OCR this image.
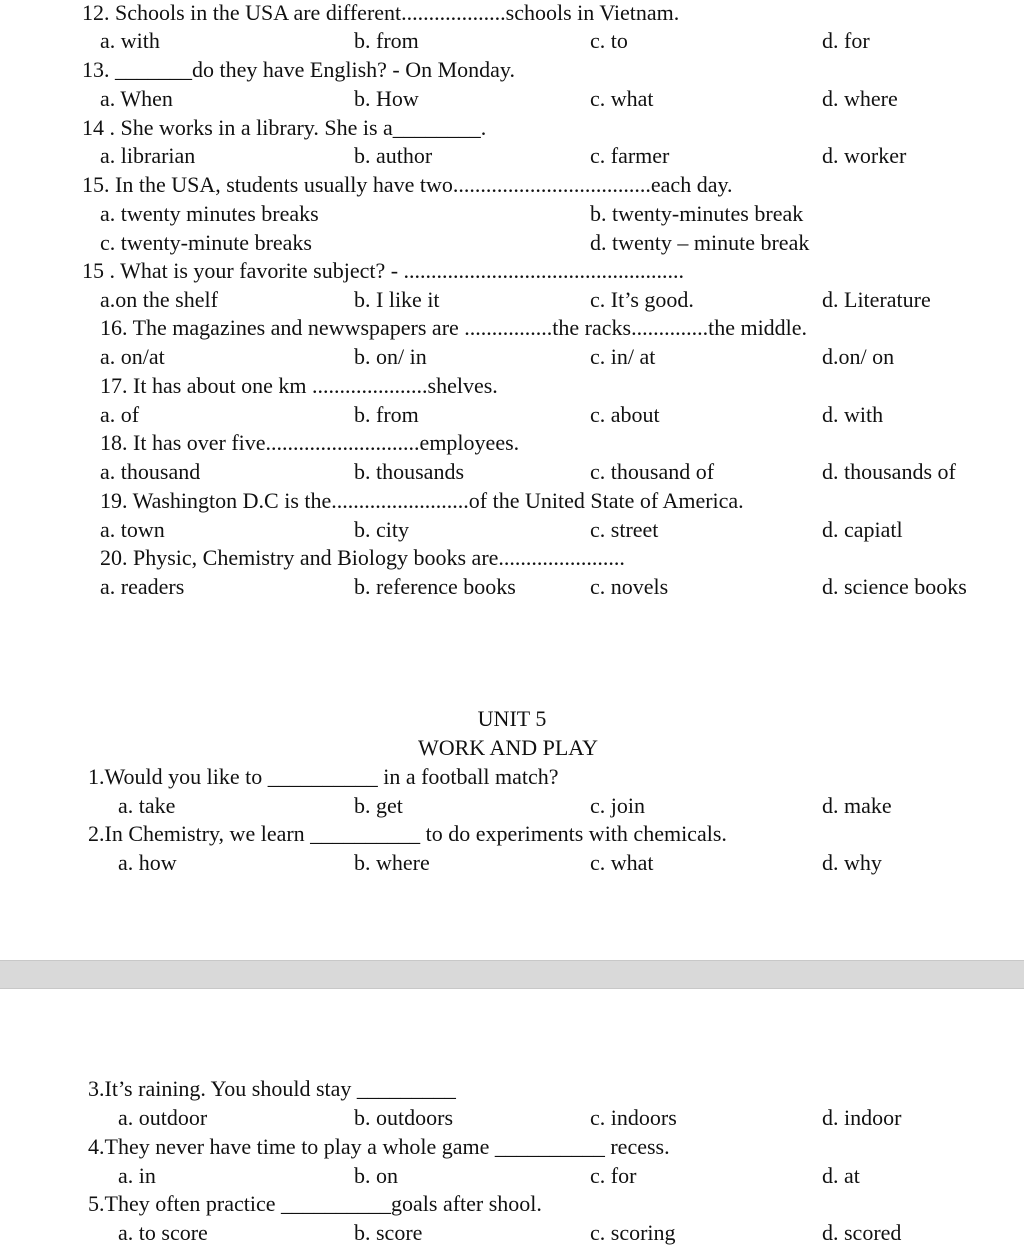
12. Schools in the USA are different...................schools in Vietnam.
a. with	b. from	c. to	d. for
13. _______do they have English? - On Monday.
a. When	b. How	c. what	d. where
14 . She works in a library. She is a________.
a. librarian	b. author	c. farmer	d. worker
15. In the USA, students usually have two....................................each day.
a. twenty minutes breaks	b. twenty-minutes break
c. twenty-minute breaks	d. twenty – minute break
15 . What is your favorite subject? - ...................................................
a.on the shelf	b. I like it	c. It’s good.	d. Literature
16. The magazines and newwspapers are ................the racks..............the middle.
a. on/at	b. on/ in	c. in/ at	d.on/ on
17. It has about one km .....................shelves.
a. of	b. from	c. about	d. with
18. It has over five............................employees.
a. thousand	b. thousands	c. thousand of	d. thousands of
19. Washington D.C is the.........................of the United State of America.
a. town	b. city	c. street	d. capiatl
20. Physic, Chemistry and Biology books are.......................
a. readers	b. reference books	c. novels	d. science books
UNIT 5
WORK AND PLAY
1.Would you like to __________ in a football match?
a. take	b. get	c. join	d. make
2.In Chemistry, we learn __________ to do experiments with chemicals.
a. how	b. where	c. what	d. why
3.It’s raining. You should stay _________
a. outdoor	b. outdoors	c. indoors	d. indoor
4.They never have time to play a whole game __________ recess.
a. in	b. on	c. for	d. at
5.They often practice __________goals after shool.
a. to score	b. score	c. scoring	d. scored
